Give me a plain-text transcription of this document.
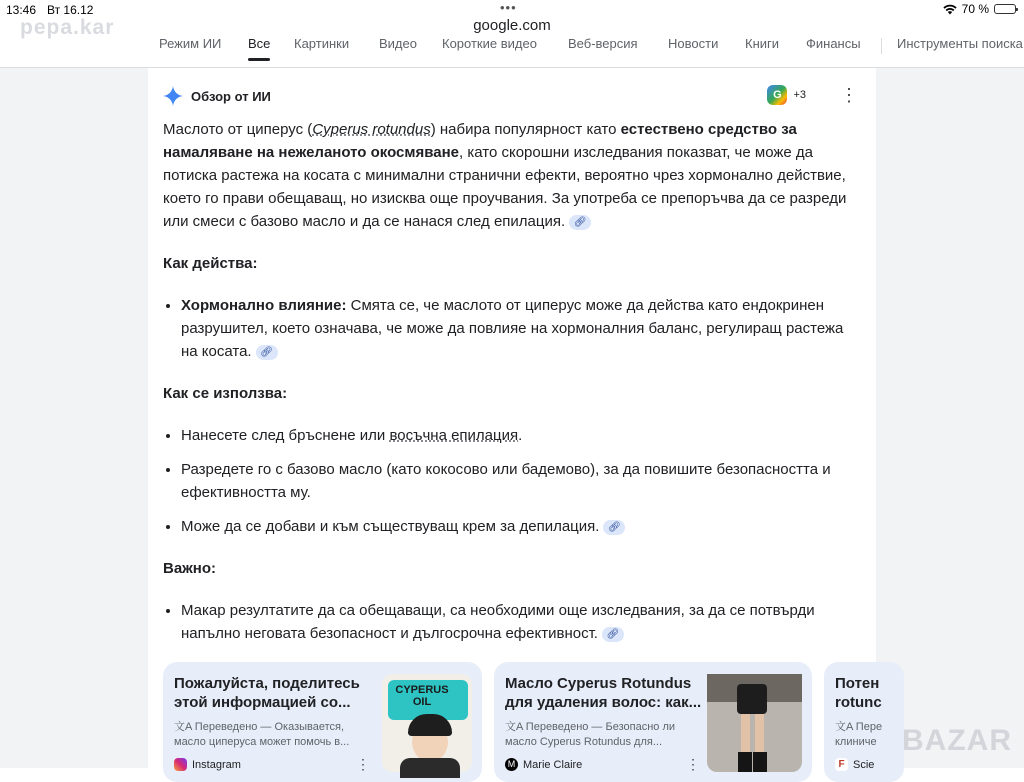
13:46 Вт 16.12	•••	70 %
pepa.kar	google.com
Режим ИИ Все Картинки Видео Короткие видео Веб-версия Новости Книги Финансы	Инструменты поиска
Обзор от ИИ	G	+3 ⋮

Маслото от циперус (Cyperus rotundus) набира популярност като естествено средство за намаляване на нежеланото окосмяване, като скорошни изследвания показват, че може да потиска растежа на косата с минимални странични ефекти, вероятно чрез хормонално действие, което го прави обещаващ, но изисква още проучвания. За употреба се препоръчва да се разреди или смеси с базово масло и да се нанася след епилация. 🔗︎

Как действа:

• Хормонално влияние: Смята се, че маслото от циперус може да действа като ендокринен разрушител, което означава, че може да повлияе на хормоналния баланс, регулиращ растежа на косата. 🔗︎

Как се използва:

• Нанесете след бръснене или восъчна епилация.
• Разредете го с базово масло (като кокосово или бадемово), за да повишите безопасността и ефективността му.
• Може да се добави и към съществуващ крем за депилация. 🔗︎

Важно:

• Макар резултатите да са обещаващи, са необходими още изследвания, за да се потвърди напълно неговата безопасност и дългосрочна ефективност. 🔗︎
Пожалуйста, поделитесь
этой информацией со...
文A Переведено — Оказывается,
масло циперуса может помочь в...
Instagram	⋮
CYPERUS OIL
Масло Cyperus Rotundus
для удаления волос: как...
文A Переведено — Безопасно ли
масло Cyperus Rotundus для...
M Marie Claire	⋮
Потен
rotunc
文A Пере
клиниче
F Scie
BAZAR
